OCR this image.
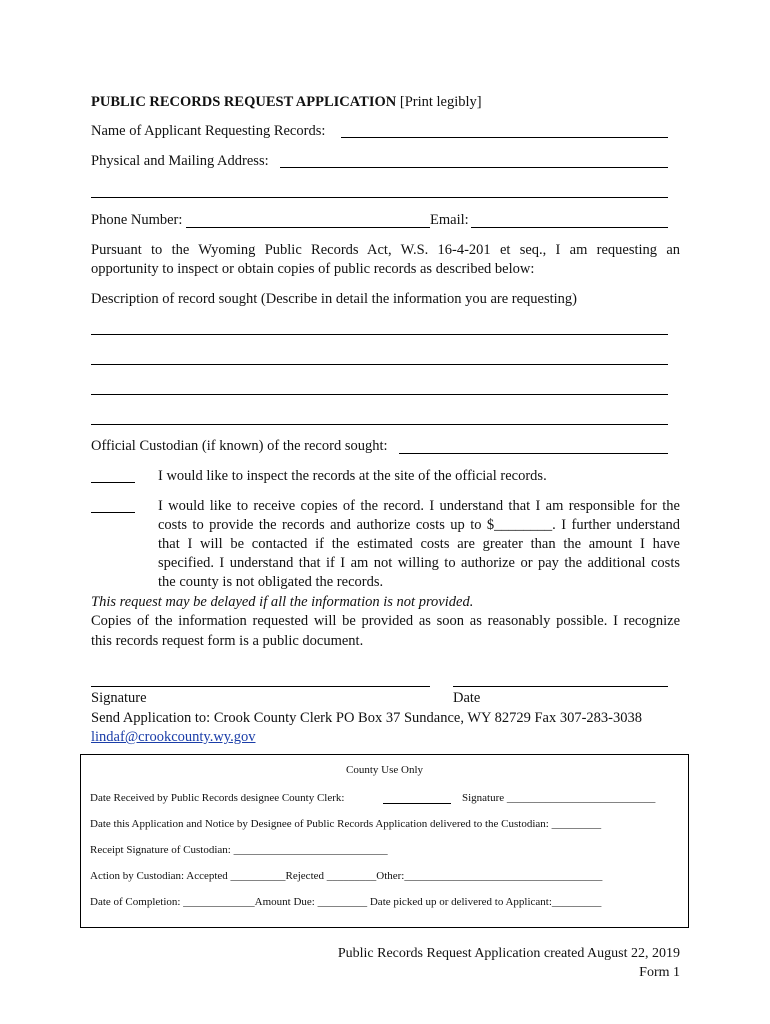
PUBLIC RECORDS REQUEST APPLICATION [Print legibly]
Name of Applicant Requesting Records:
Physical and Mailing Address:
Phone Number:	Email:
Pursuant to the Wyoming Public Records Act, W.S. 16-4-201 et seq., I am requesting an
opportunity to inspect or obtain copies of public records as described below:
Description of record sought (Describe in detail the information you are requesting)
Official Custodian (if known) of the record sought:
I would like to inspect the records at the site of the official records.
I would like to receive copies of the record. I understand that I am responsible for the
costs to provide the records and authorize costs up to $________. I further understand
that I will be contacted if the estimated costs are greater than the amount I have
specified. I understand that if I am not willing to authorize or pay the additional costs
the county is not obligated the records.
This request may be delayed if all the information is not provided.
Copies of the information requested will be provided as soon as reasonably possible. I recognize
this records request form is a public document.
Signature	Date
Send Application to: Crook County Clerk PO Box 37 Sundance, WY 82729 Fax 307-283-3038
lindaf@crookcounty.wy.gov
County Use Only
Date Received by Public Records designee County Clerk:	Signature ___________________________
Date this Application and Notice by Designee of Public Records Application delivered to the Custodian: _________
Receipt Signature of Custodian: ____________________________
Action by Custodian: Accepted __________Rejected _________Other:____________________________________
Date of Completion: _____________Amount Due: _________ Date picked up or delivered to Applicant:_________
Public Records Request Application created August 22, 2019
Form 1
